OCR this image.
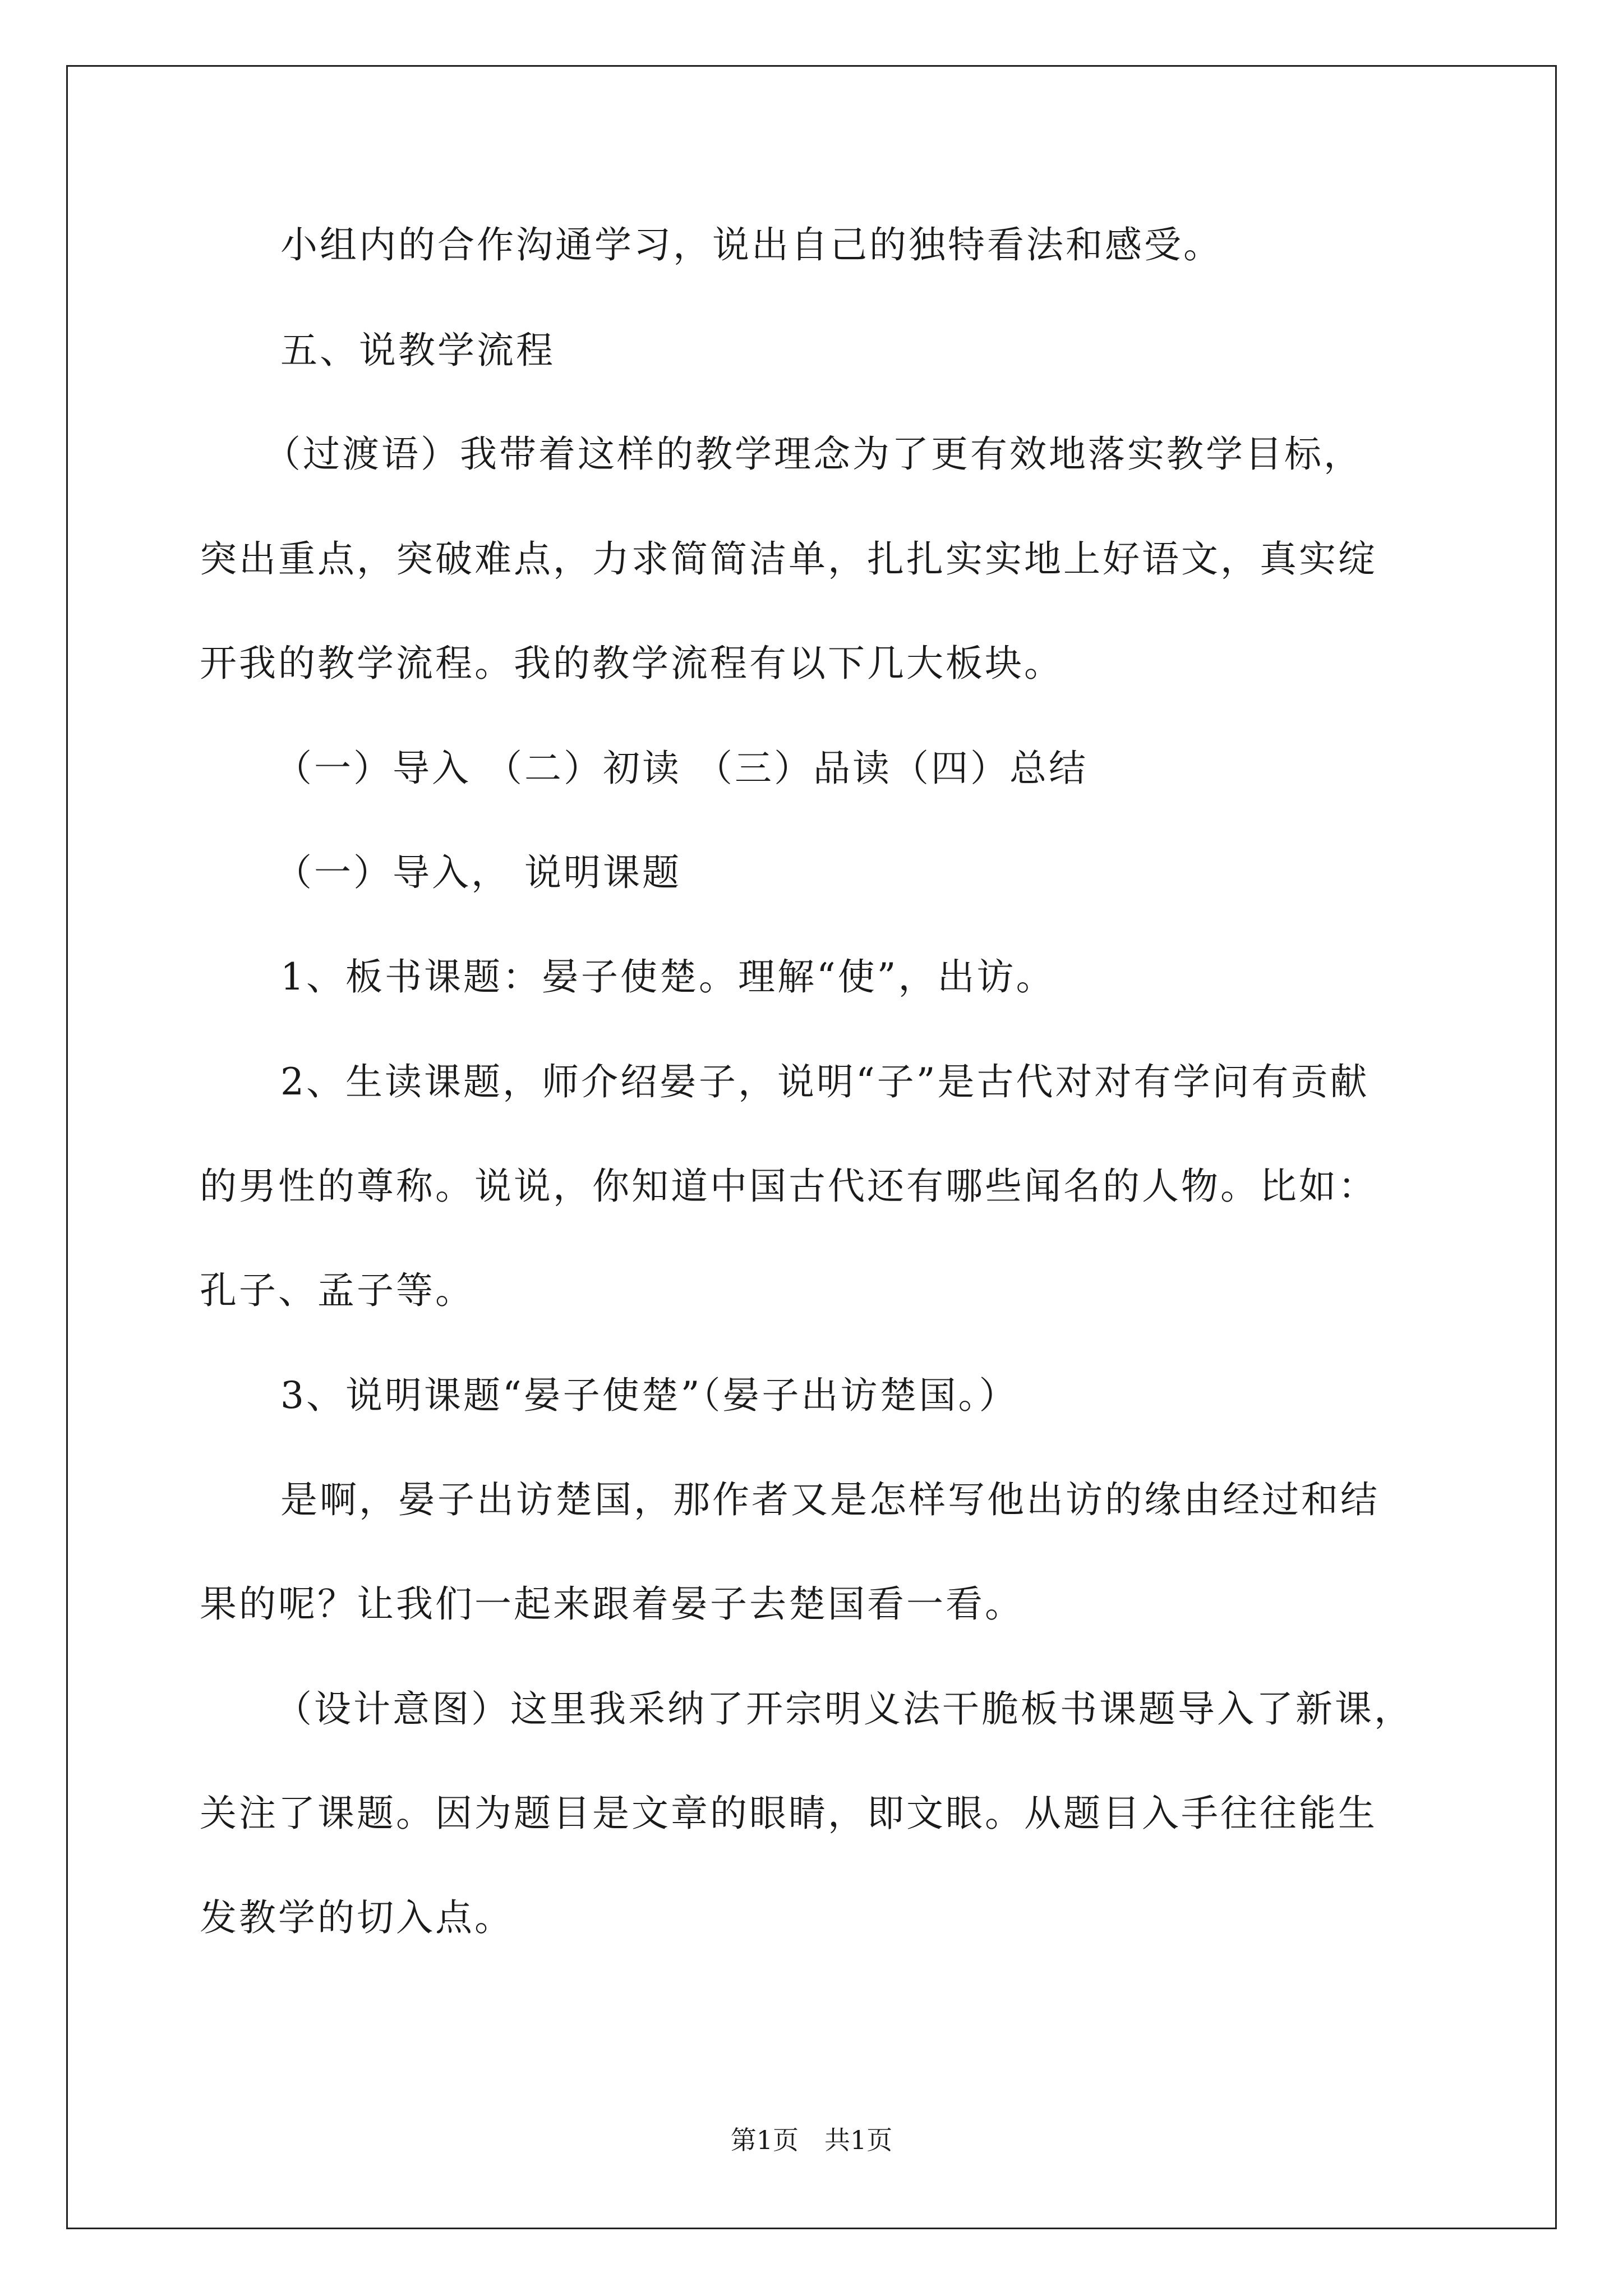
小组内的合作沟通学习，说出自己的独特看法和感受。

五、说教学流程

（过渡语）我带着这样的教学理念为了更有效地落实教学目标，

突出重点，突破难点，力求简简洁单，扎扎实实地上好语文，真实绽

开我的教学流程。我的教学流程有以下几大板块。

（一）导入 （二）初读 （三）品读（四）总结

（一）导入， 说明课题

1、板书课题：晏子使楚。理解“使”，出访。

2、生读课题，师介绍晏子，说明“子”是古代对对有学问有贡献

的男性的尊称。说说，你知道中国古代还有哪些闻名的人物。比如：

孔子、孟子等。

3、说明课题“晏子使楚”（晏子出访楚国。）

是啊，晏子出访楚国，那作者又是怎样写他出访的缘由经过和结

果的呢？让我们一起来跟着晏子去楚国看一看。

（设计意图）这里我采纳了开宗明义法干脆板书课题导入了新课，

关注了课题。因为题目是文章的眼睛，即文眼。从题目入手往往能生

发教学的切入点。

第1页 共1页
